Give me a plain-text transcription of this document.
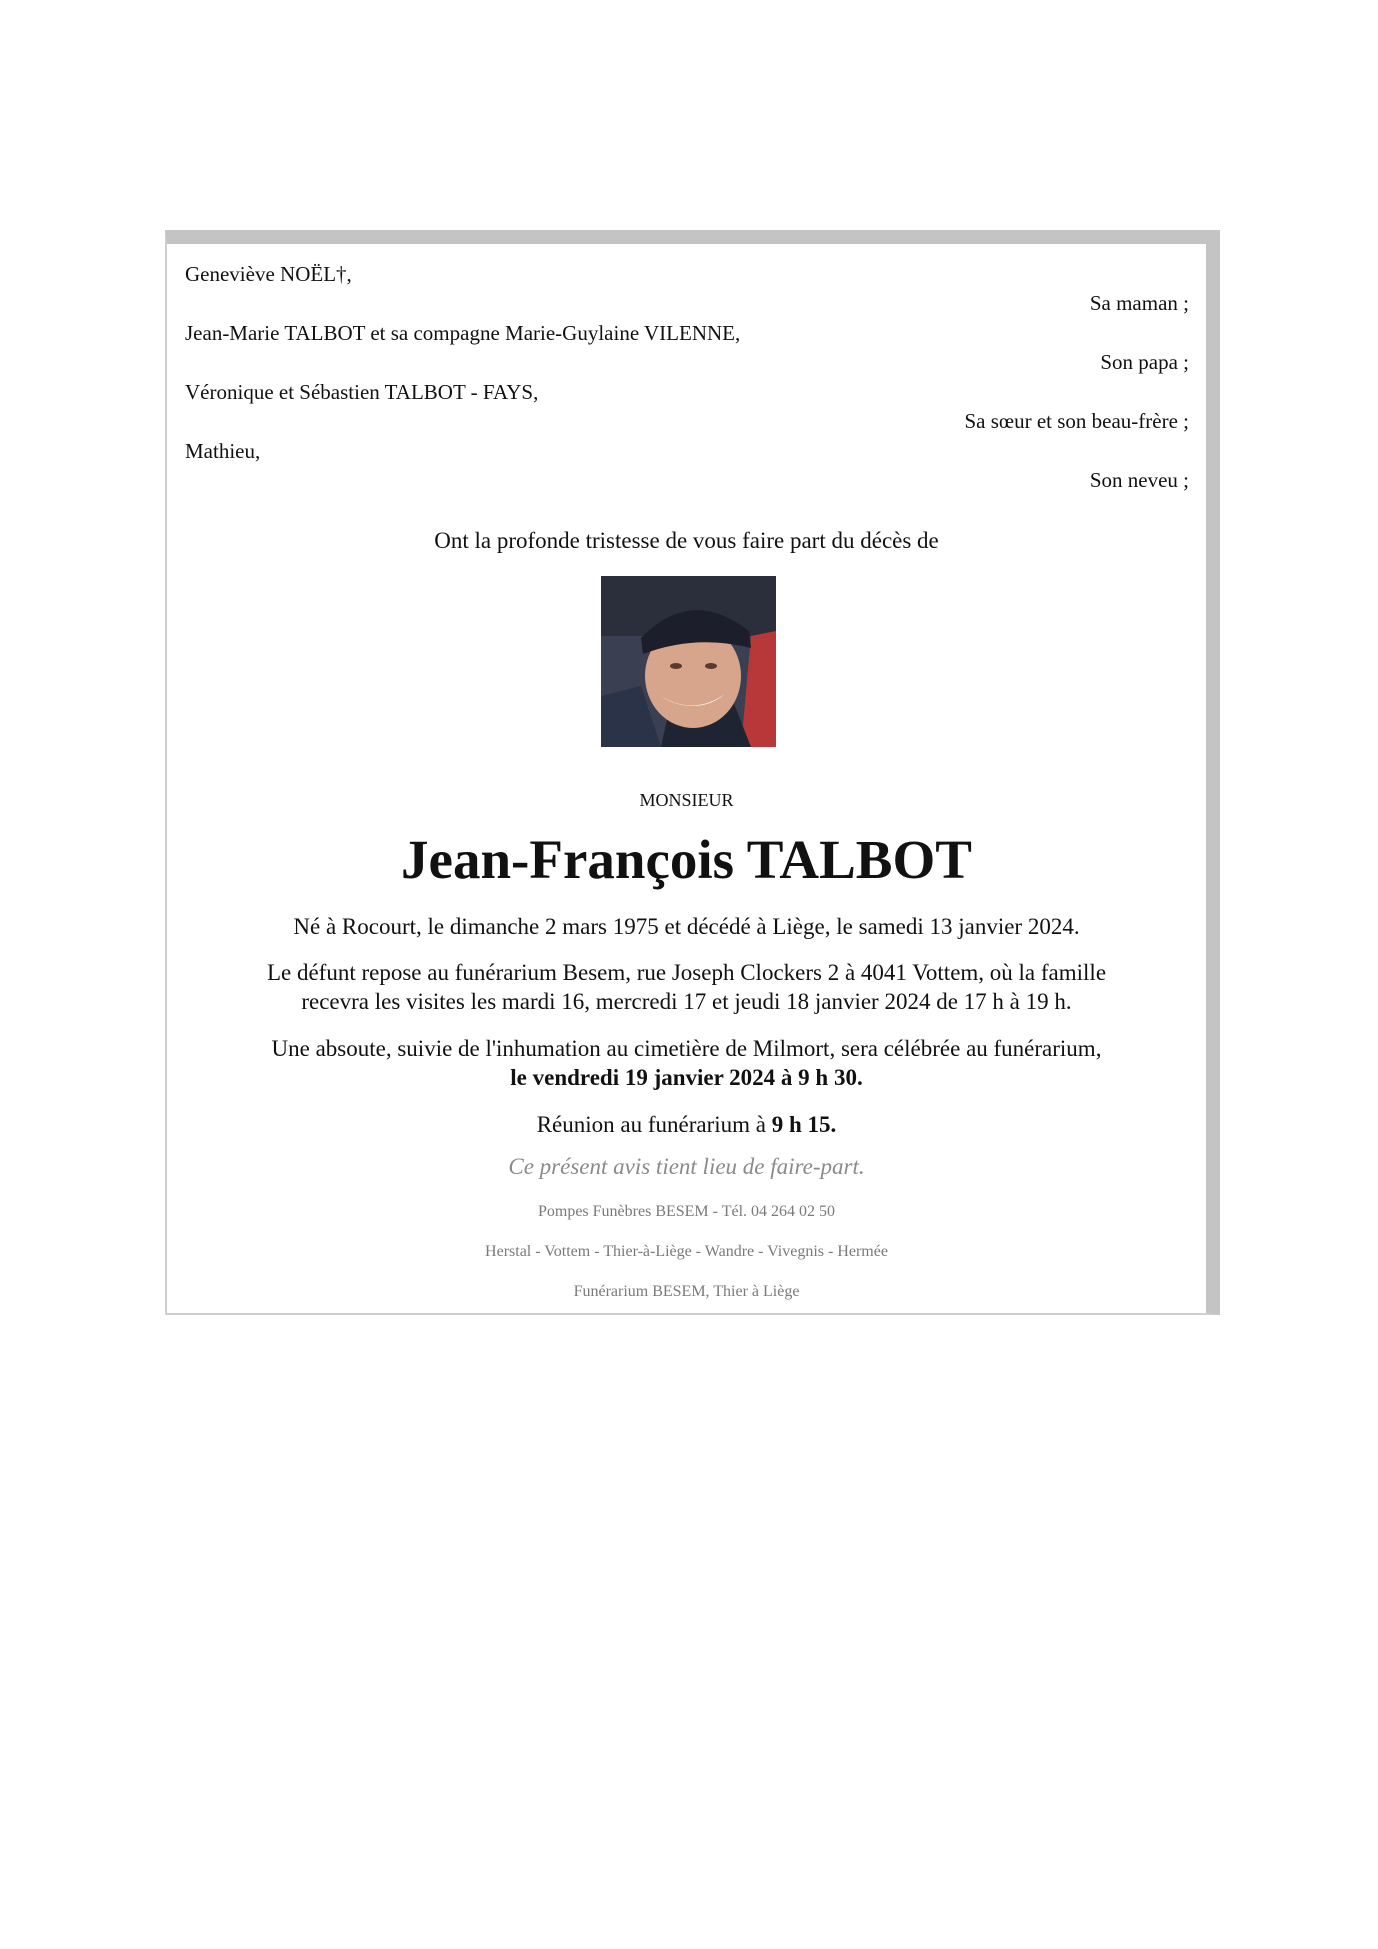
Geneviève NOËL†,
Sa maman ;
Jean-Marie TALBOT et sa compagne Marie-Guylaine VILENNE,
Son papa ;
Véronique et Sébastien TALBOT - FAYS,
Sa sœur et son beau-frère ;
Mathieu,
Son neveu ;
Ont la profonde tristesse de vous faire part du décès de
MONSIEUR
Jean-François TALBOT
Né à Rocourt, le dimanche 2 mars 1975 et décédé à Liège, le samedi 13 janvier 2024.
Le défunt repose au funérarium Besem, rue Joseph Clockers 2 à 4041 Vottem, où la famille
recevra les visites les mardi 16, mercredi 17 et jeudi 18 janvier 2024 de 17 h à 19 h.
Une absoute, suivie de l'inhumation au cimetière de Milmort, sera célébrée au funérarium,
le vendredi 19 janvier 2024 à 9 h 30.
Réunion au funérarium à 9 h 15.
Ce présent avis tient lieu de faire-part.
Pompes Funèbres BESEM - Tél. 04 264 02 50
Herstal - Vottem - Thier-à-Liège - Wandre - Vivegnis - Hermée
Funérarium BESEM, Thier à Liège
